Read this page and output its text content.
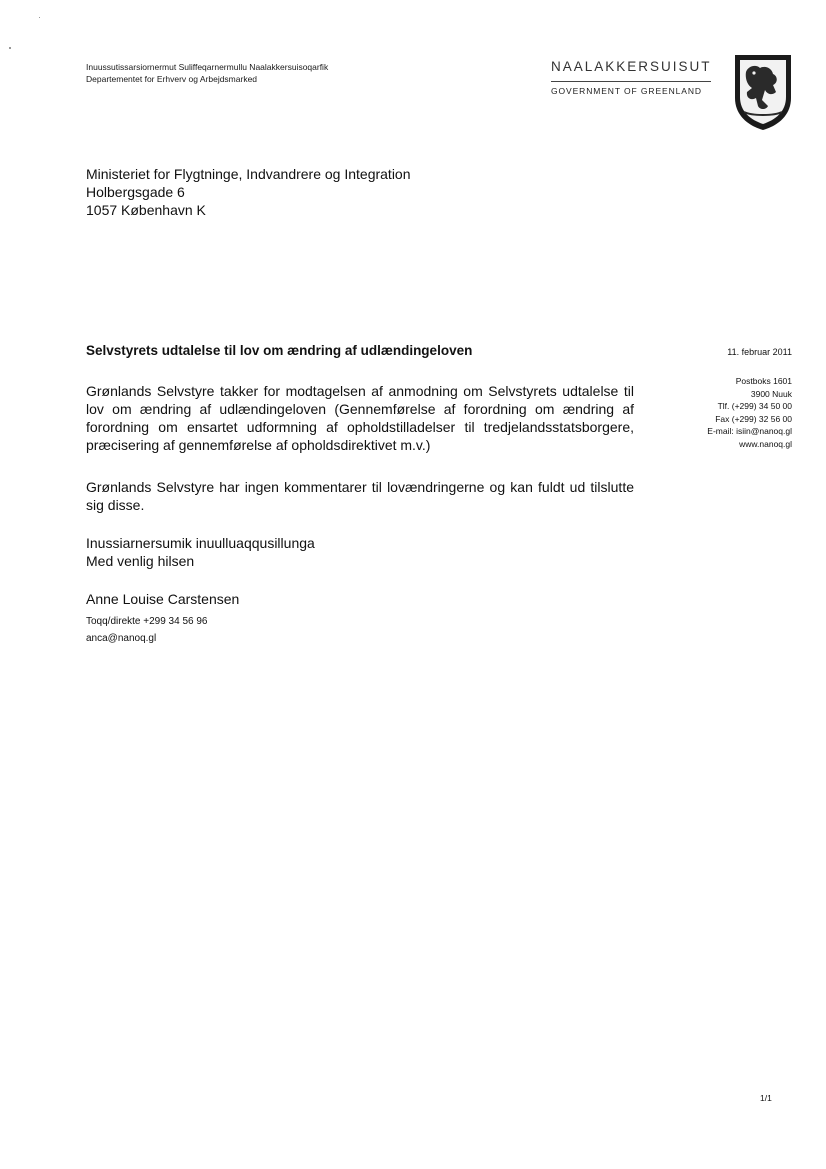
Inuussutissarsiornermut Suliffeqarnermullu Naalakkersuisoqarfik
Departementet for Erhverv og Arbejdsmarked
NAALAKKERSUISUT
GOVERNMENT OF GREENLAND
Ministeriet for Flygtninge, Indvandrere og Integration
Holbergsgade 6
1057 København K
Selvstyrets udtalelse til lov om ændring af udlændingeloven	11. februar 2011
Postboks 1601
3900 Nuuk
Tlf. (+299) 34 50 00
Fax (+299) 32 56 00
E-mail: isiin@nanoq.gl
www.nanoq.gl
Grønlands Selvstyre takker for modtagelsen af anmodning om Selvstyrets udtalelse til lov om ændring af udlændingeloven (Gennemførelse af forordning om ændring af forordning om ensartet udformning af opholdstilladelser til tredjelandsstatsborgere, præcisering af gennemførelse af opholdsdirektivet m.v.)
Grønlands Selvstyre har ingen kommentarer til lovændringerne og kan fuldt ud tilslutte sig disse.
Inussiarnersumik inuulluaqqusillunga
Med venlig hilsen
Anne Louise Carstensen
Toqq/direkte +299 34 56 96
anca@nanoq.gl
1/1
